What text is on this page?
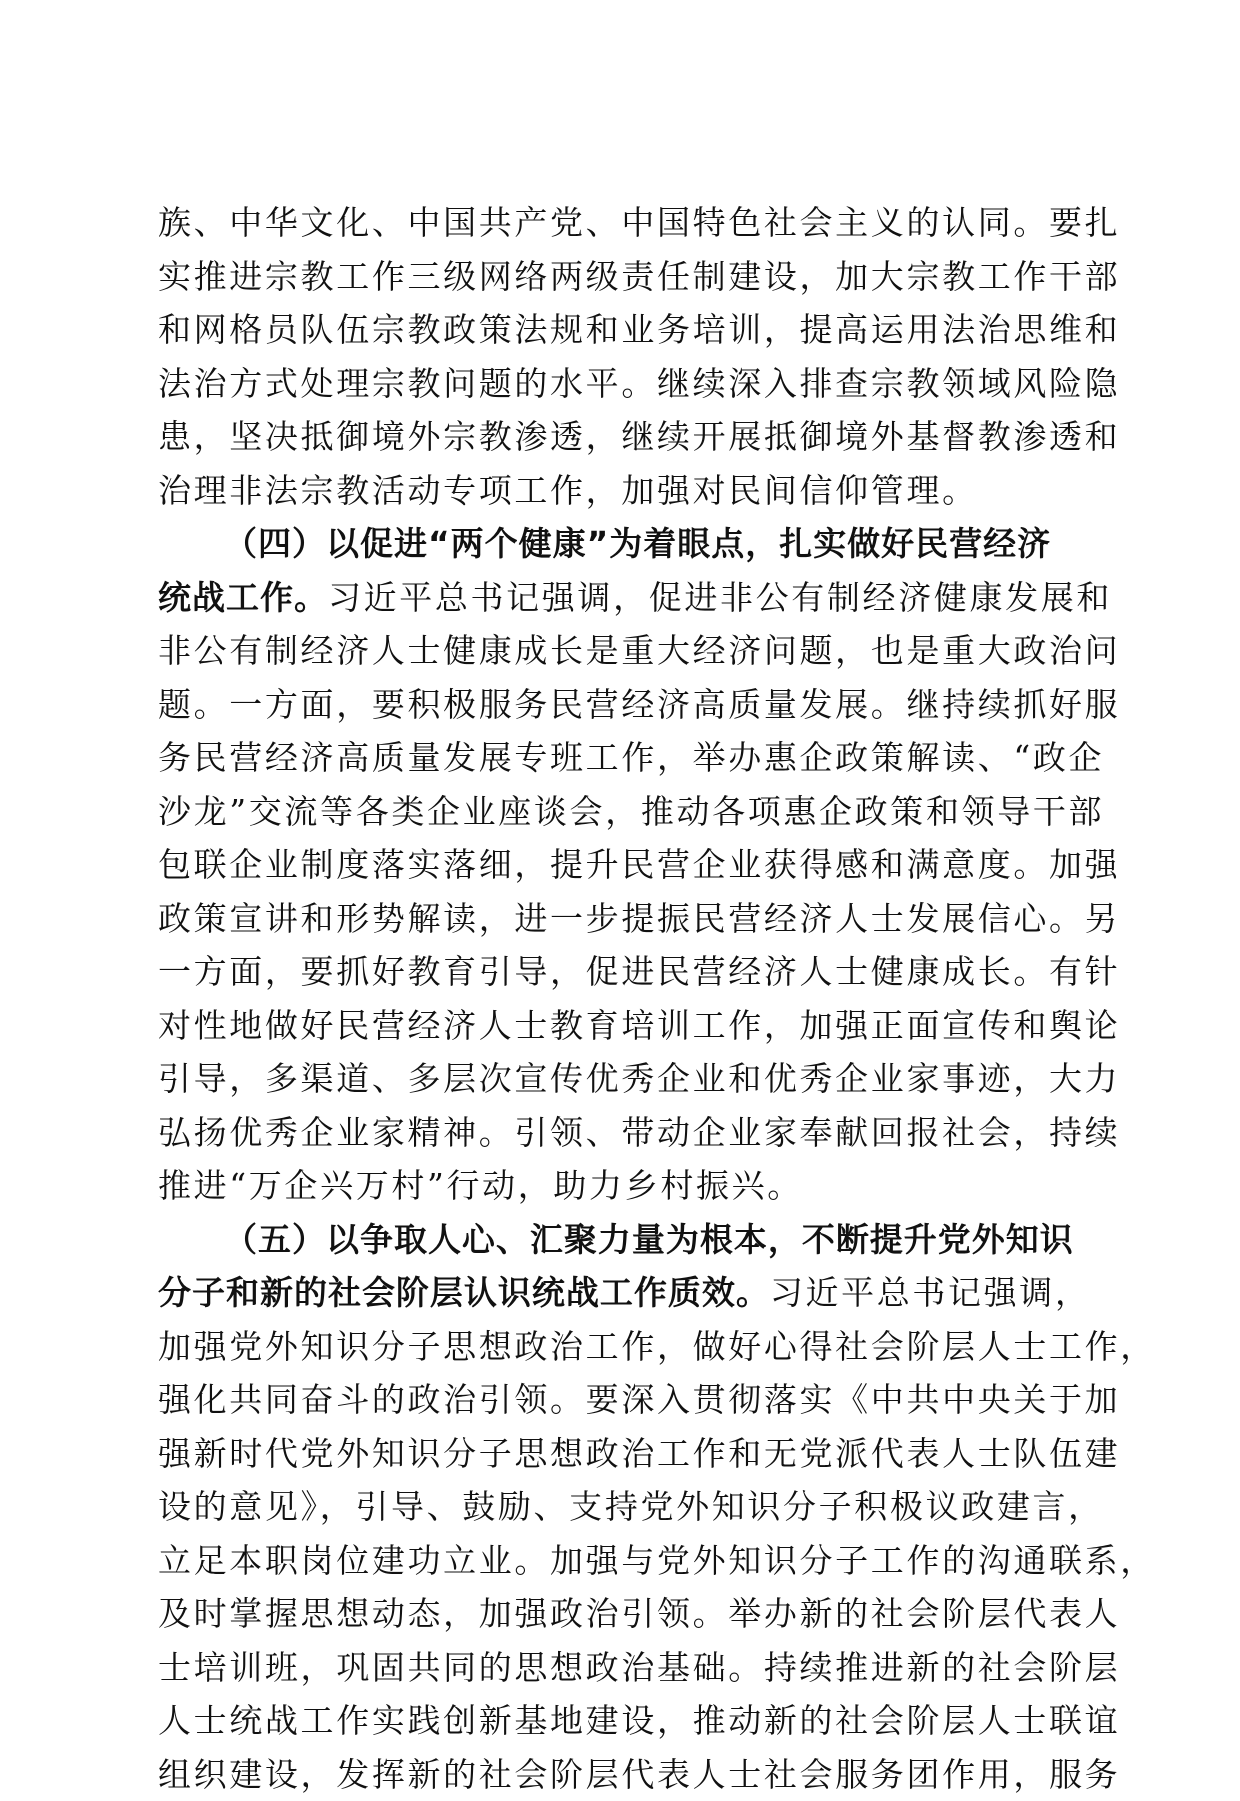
族、中华文化、中国共产党、中国特色社会主义的认同。要扎
实推进宗教工作三级网络两级责任制建设，加大宗教工作干部
和网格员队伍宗教政策法规和业务培训，提高运用法治思维和
法治方式处理宗教问题的水平。继续深入排查宗教领域风险隐
患，坚决抵御境外宗教渗透，继续开展抵御境外基督教渗透和
治理非法宗教活动专项工作，加强对民间信仰管理。
（四）以促进“两个健康”为着眼点，扎实做好民营经济
统战工作。习近平总书记强调，促进非公有制经济健康发展和
非公有制经济人士健康成长是重大经济问题，也是重大政治问
题。一方面，要积极服务民营经济高质量发展。继持续抓好服
务民营经济高质量发展专班工作，举办惠企政策解读、“政企
沙龙”交流等各类企业座谈会，推动各项惠企政策和领导干部
包联企业制度落实落细，提升民营企业获得感和满意度。加强
政策宣讲和形势解读，进一步提振民营经济人士发展信心。另
一方面，要抓好教育引导，促进民营经济人士健康成长。有针
对性地做好民营经济人士教育培训工作，加强正面宣传和舆论
引导，多渠道、多层次宣传优秀企业和优秀企业家事迹，大力
弘扬优秀企业家精神。引领、带动企业家奉献回报社会，持续
推进“万企兴万村”行动，助力乡村振兴。
（五）以争取人心、汇聚力量为根本，不断提升党外知识
分子和新的社会阶层认识统战工作质效。习近平总书记强调，
加强党外知识分子思想政治工作，做好心得社会阶层人士工作，
强化共同奋斗的政治引领。要深入贯彻落实《中共中央关于加
强新时代党外知识分子思想政治工作和无党派代表人士队伍建
设的意见》，引导、鼓励、支持党外知识分子积极议政建言，
立足本职岗位建功立业。加强与党外知识分子工作的沟通联系，
及时掌握思想动态，加强政治引领。举办新的社会阶层代表人
士培训班，巩固共同的思想政治基础。持续推进新的社会阶层
人士统战工作实践创新基地建设，推动新的社会阶层人士联谊
组织建设，发挥新的社会阶层代表人士社会服务团作用，服务
